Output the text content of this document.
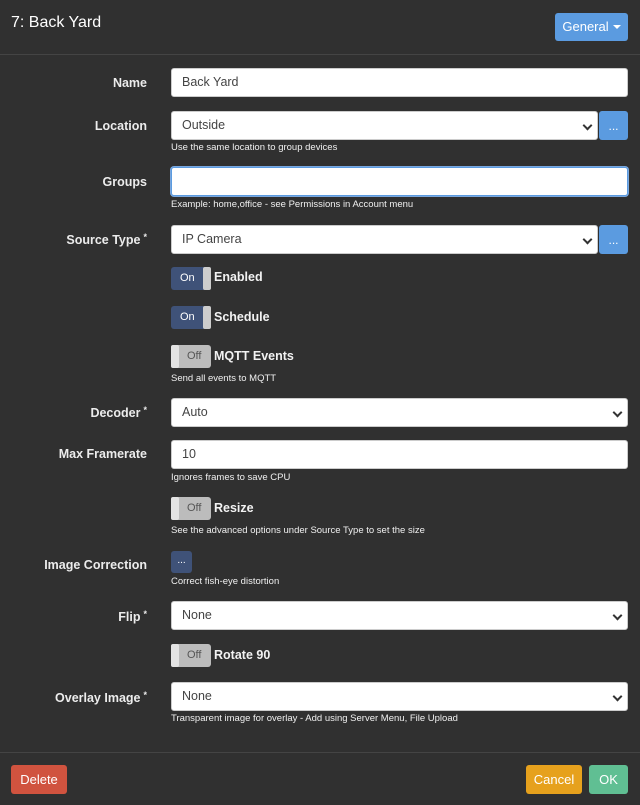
7: Back Yard	General
Name	Back Yard
Location	Outside	...
Use the same location to group devices
Groups
Example: home,office - see Permissions in Account menu
Source Type *	IP Camera	...
On Enabled
On Schedule
Off MQTT Events
Send all events to MQTT
Decoder *	Auto
Max Framerate	10
Ignores frames to save CPU
Off Resize
See the advanced options under Source Type to set the size
Image Correction	...
Correct fish-eye distortion
Flip *	None
Off Rotate 90
Overlay Image *	None
Transparent image for overlay - Add using Server Menu, File Upload
Delete	Cancel	OK
